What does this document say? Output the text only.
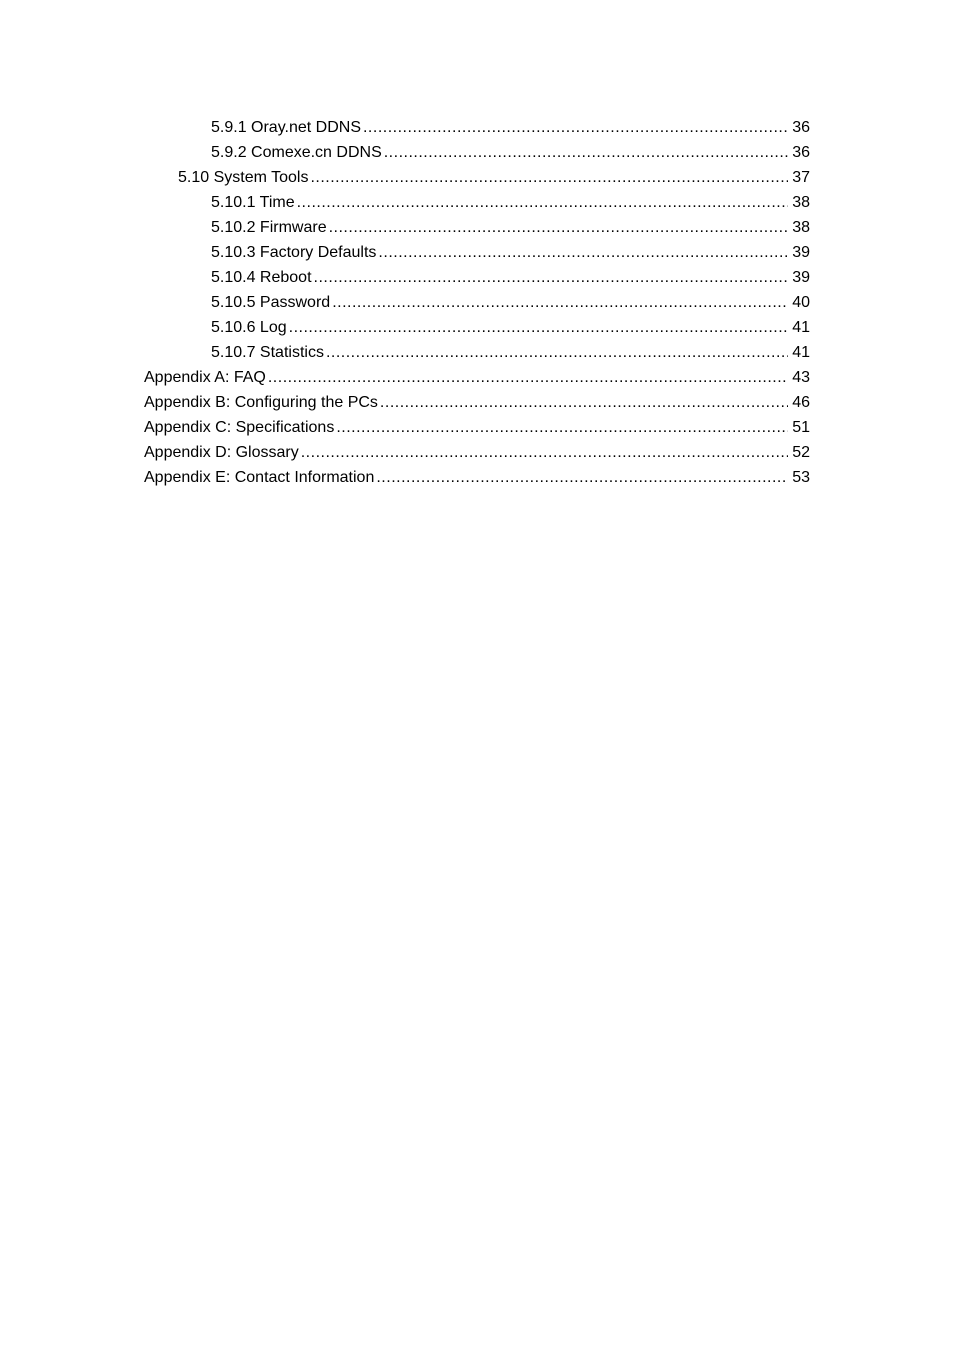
5.9.1 Oray.net DDNS .....	36
5.9.2 Comexe.cn DDNS .....	36
5.10 System Tools .....	37
5.10.1 Time .....	38
5.10.2 Firmware .....	38
5.10.3 Factory Defaults .....	39
5.10.4 Reboot .....	39
5.10.5 Password .....	40
5.10.6 Log .....	41
5.10.7 Statistics .....	41
Appendix A: FAQ .....	43
Appendix B: Configuring the PCs .....	46
Appendix C: Specifications .....	51
Appendix D: Glossary .....	52
Appendix E: Contact Information .....	53
